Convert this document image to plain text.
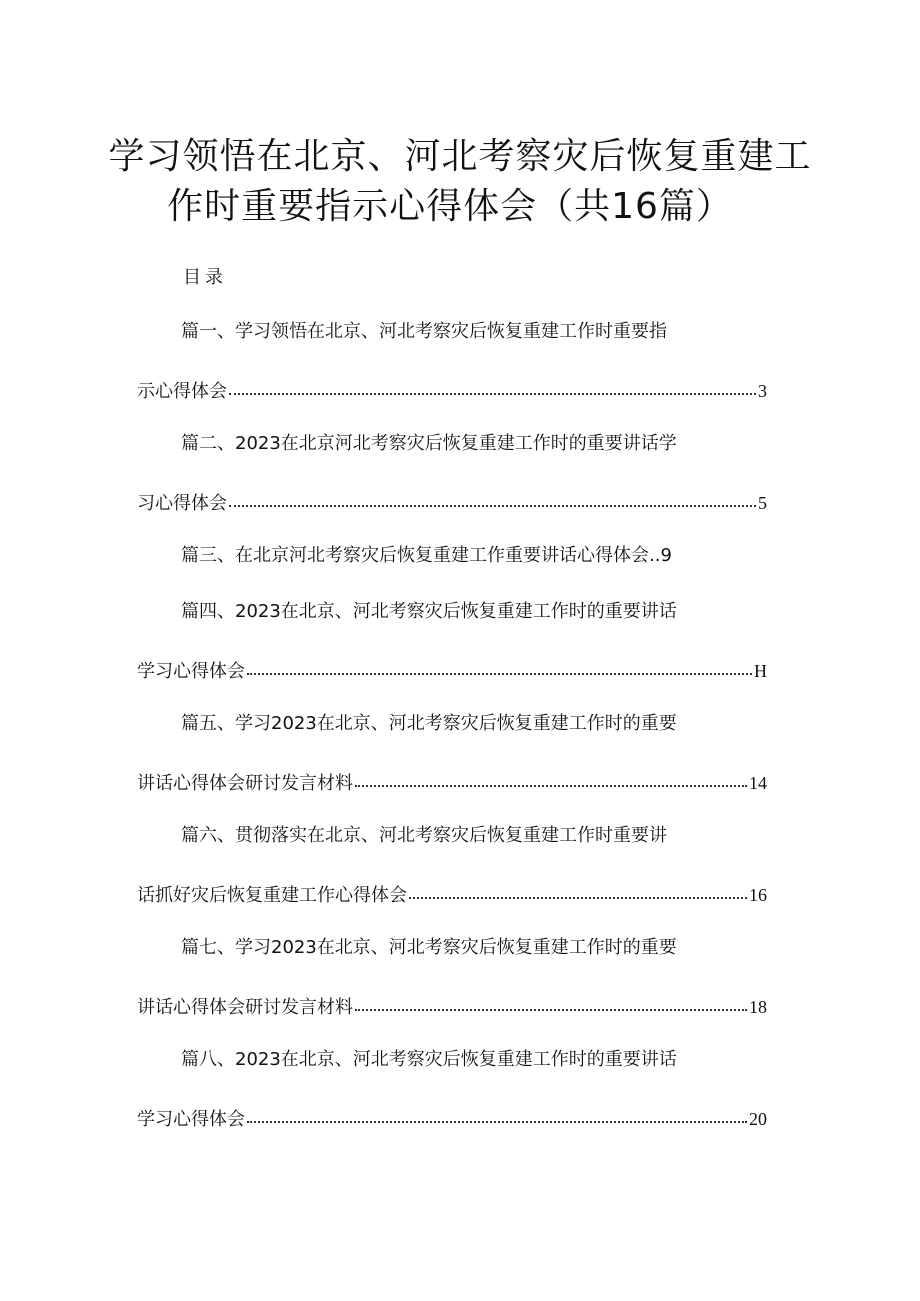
学习领悟在北京、河北考察灾后恢复重建工
作时重要指示心得体会（共16篇）
目录
篇一、学习领悟在北京、河北考察灾后恢复重建工作时重要指
示心得体会	3
篇二、2023在北京河北考察灾后恢复重建工作时的重要讲话学
习心得体会	5
篇三、在北京河北考察灾后恢复重建工作重要讲话心得体会..9
篇四、2023在北京、河北考察灾后恢复重建工作时的重要讲话
学习心得体会	H
篇五、学习2023在北京、河北考察灾后恢复重建工作时的重要
讲话心得体会研讨发言材料	14
篇六、贯彻落实在北京、河北考察灾后恢复重建工作时重要讲
话抓好灾后恢复重建工作心得体会	16
篇七、学习2023在北京、河北考察灾后恢复重建工作时的重要
讲话心得体会研讨发言材料	18
篇八、2023在北京、河北考察灾后恢复重建工作时的重要讲话
学习心得体会	20
